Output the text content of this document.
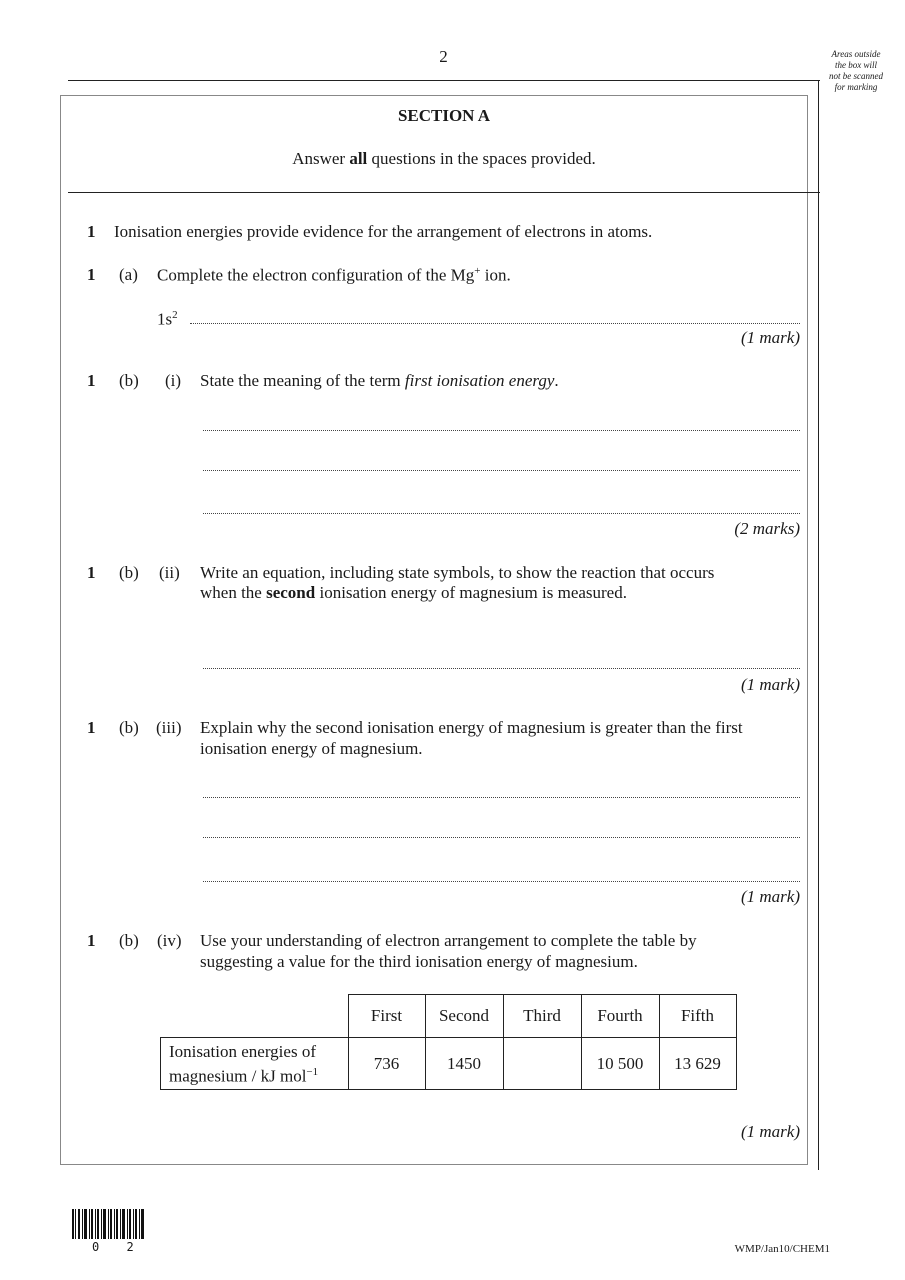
2	Areas outside
the box will
not be scanned
for marking
SECTION A
Answer all questions in the spaces provided.
1 Ionisation energies provide evidence for the arrangement of electrons in atoms.
1 (a) Complete the electron configuration of the Mg+ ion.
$1s^2$
(1 mark)
1 (b) (i) State the meaning of the term first ionisation energy.
(2 marks)
1 (b) (ii) Write an equation, including state symbols, to show the reaction that occurs
when the second ionisation energy of magnesium is measured.
(1 mark)
1 (b) (iii) Explain why the second ionisation energy of magnesium is greater than the first
ionisation energy of magnesium.
(1 mark)
1 (b) (iv) Use your understanding of electron arrangement to complete the table by
suggesting a value for the third ionisation energy of magnesium.
	First	Second	Third	Fourth	Fifth

Ionisation energies of
magnesium / kJ mol$^{-1}$	736	1450		10 500	13 629
(1 mark)
0 2	WMP/Jan10/CHEM1
